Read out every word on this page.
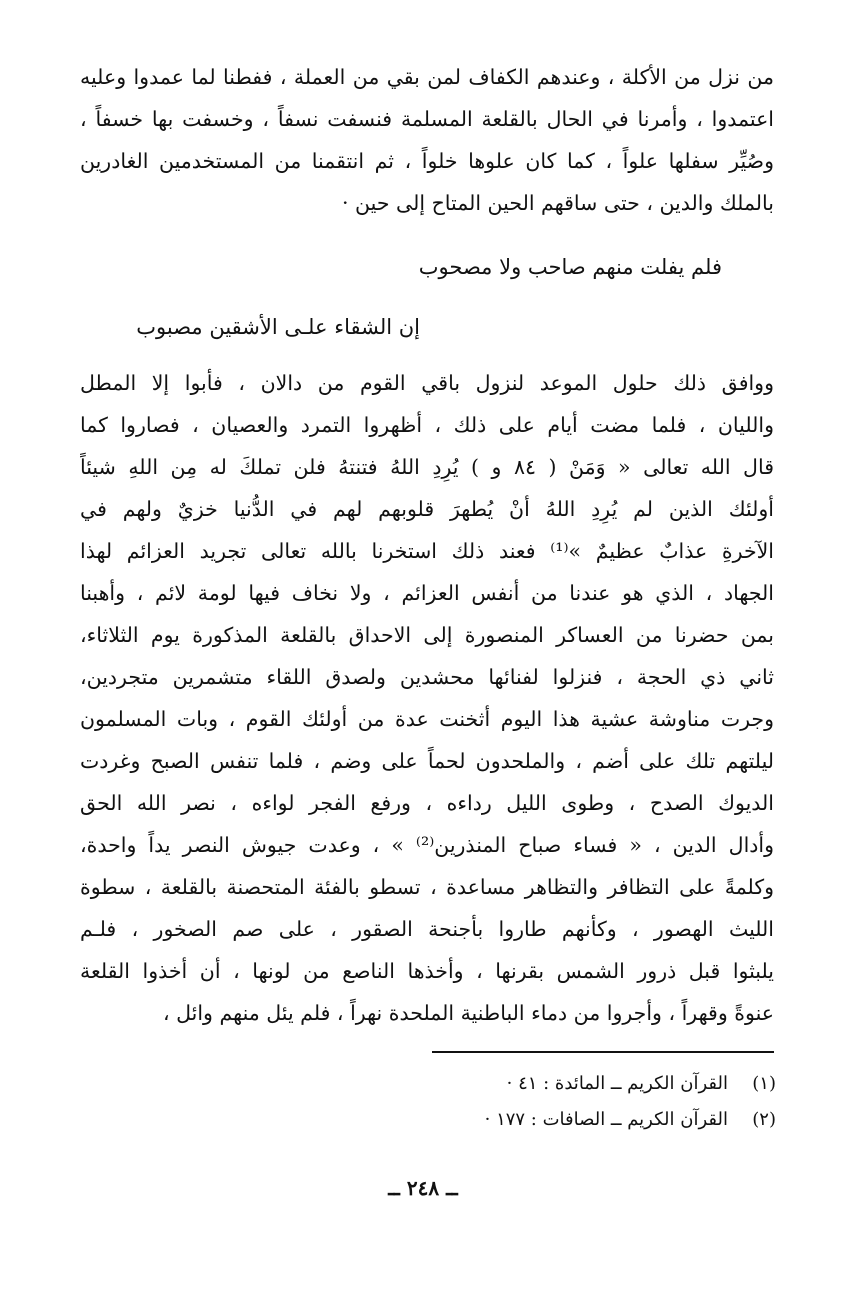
من نزل من الأكلة ، وعندهم الكفاف لمن بقي من العملة ، ففطنا لما عمدوا وعليه
اعتمدوا ، وأمرنا في الحال بالقلعة المسلمة فنسفت نسفاً ، وخسفت بها خسفاً ،
وصُيِّر سفلها علواً ، كما كان علوها خلواً ، ثم انتقمنا من المستخدمين الغادرين
بالملك والدين ، حتى ساقهم الحين المتاح إلى حين ·
فلم يفلت منهم صاحب ولا مصحوب
إن الشقاء علـى الأشقين مصبوب
ووافق ذلك حلول الموعد لنزول باقي القوم من دالان ، فأبوا إلا المطل
والليان ، فلما مضت أيام على ذلك ، أظهروا التمرد والعصيان ، فصاروا كما
قال الله تعالى « وَمَنْ ( ٨٤ و ) يُرِدِ اللهُ فتنتهُ فلن تملكَ له مِن اللهِ شيئاً
أولئك الذين لم يُرِدِ اللهُ أنْ يُطهرَ قلوبهم لهم في الدُّنيا خزيٌ ولهم في
الآخرةِ عذابٌ عظيمٌ »⁽¹⁾ فعند ذلك استخرنا بالله تعالى تجريد العزائم لهذا
الجهاد ، الذي هو عندنا من أنفس العزائم ، ولا نخاف فيها لومة لائم ، وأهبنا
بمن حضرنا من العساكر المنصورة إلى الاحداق بالقلعة المذكورة يوم الثلاثاء،
ثاني ذي الحجة ، فنزلوا لفنائها محشدين ولصدق اللقاء متشمرين متجردين،
وجرت مناوشة عشية هذا اليوم أثخنت عدة من أولئك القوم ، وبات المسلمون
ليلتهم تلك على أضم ، والملحدون لحماً على وضم ، فلما تنفس الصبح وغردت
الديوك الصدح ، وطوى الليل رداءه ، ورفع الفجر لواءه ، نصر الله الحق
وأدال الدين ، « فساء صباح المنذرين⁽²⁾ » ، وعدت جيوش النصر يداً واحدة،
وكلمةً على التظافر والتظاهر مساعدة ، تسطو بالفئة المتحصنة بالقلعة ، سطوة
الليث الهصور ، وكأنهم طاروا بأجنحة الصقور ، على صم الصخور ، فلـم
يلبثوا قبل ذرور الشمس بقرنها ، وأخذها الناصع من لونها ، أن أخذوا القلعة
عنوةً وقهراً ، وأجروا من دماء الباطنية الملحدة نهراً ، فلم يئل منهم وائل ،
(١)القرآن الكريم ــ المائدة : ٤١ ·
(٢)القرآن الكريم ــ الصافات : ١٧٧ ·
ــ ٢٤٨ ــ
